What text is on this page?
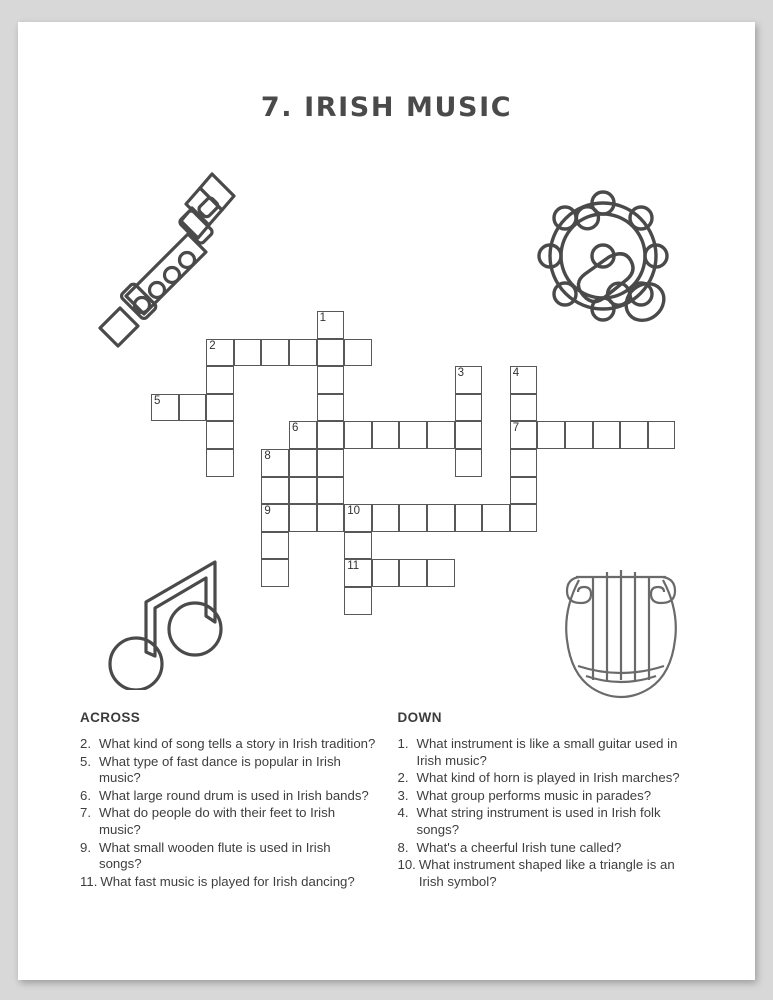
7. IRISH MUSIC
1
2
3	4
5
6	7
8
9	10
11
ACROSS
2. What kind of song tells a story in Irish tradition?
5. What type of fast dance is popular in Irish music?
6. What large round drum is used in Irish bands?
7. What do people do with their feet to Irish music?
9. What small wooden flute is used in Irish songs?
11. What fast music is played for Irish dancing?
DOWN
1. What instrument is like a small guitar used in Irish music?
2. What kind of horn is played in Irish marches?
3. What group performs music in parades?
4. What string instrument is used in Irish folk songs?
8. What's a cheerful Irish tune called?
10. What instrument shaped like a triangle is an Irish symbol?
